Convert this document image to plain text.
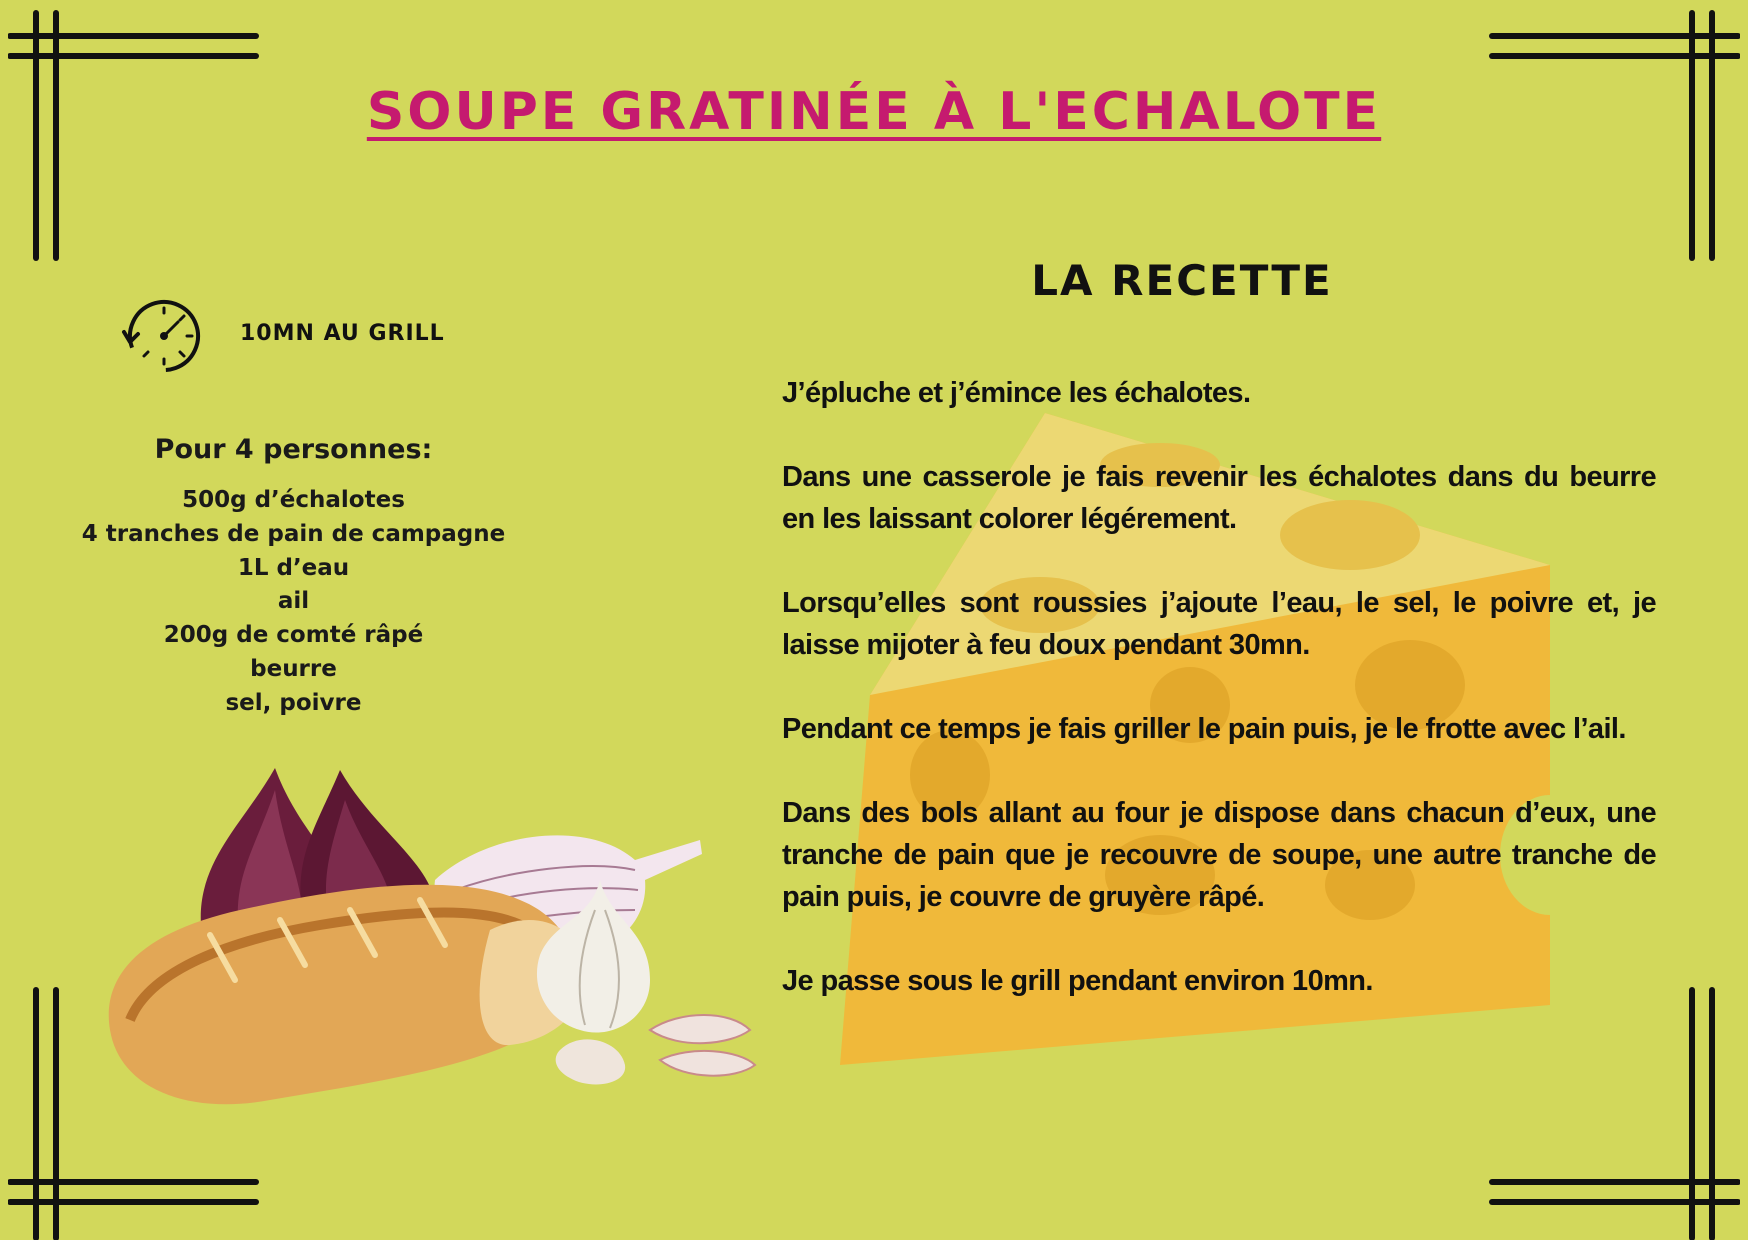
SOUPE GRATINÉE À L'ECHALOTE
10MN AU GRILL
Pour 4 personnes:
500g d’échalotes
4 tranches de pain de campagne
1L d’eau
ail
200g de comté râpé
beurre
sel, poivre
LA RECETTE

J’épluche et j’émince les échalotes.

Dans une casserole je fais revenir les échalotes dans du beurre en les laissant colorer légérement.

Lorsqu’elles sont roussies j’ajoute l’eau, le sel, le poivre et, je laisse mijoter à feu doux pendant 30mn.

Pendant ce temps je fais griller le pain puis, je le frotte avec l’ail.

Dans des bols allant au four je dispose dans chacun d’eux, une tranche de pain que je recouvre de soupe, une autre tranche de pain puis, je couvre de gruyère râpé.

Je passe sous le grill pendant environ 10mn.
